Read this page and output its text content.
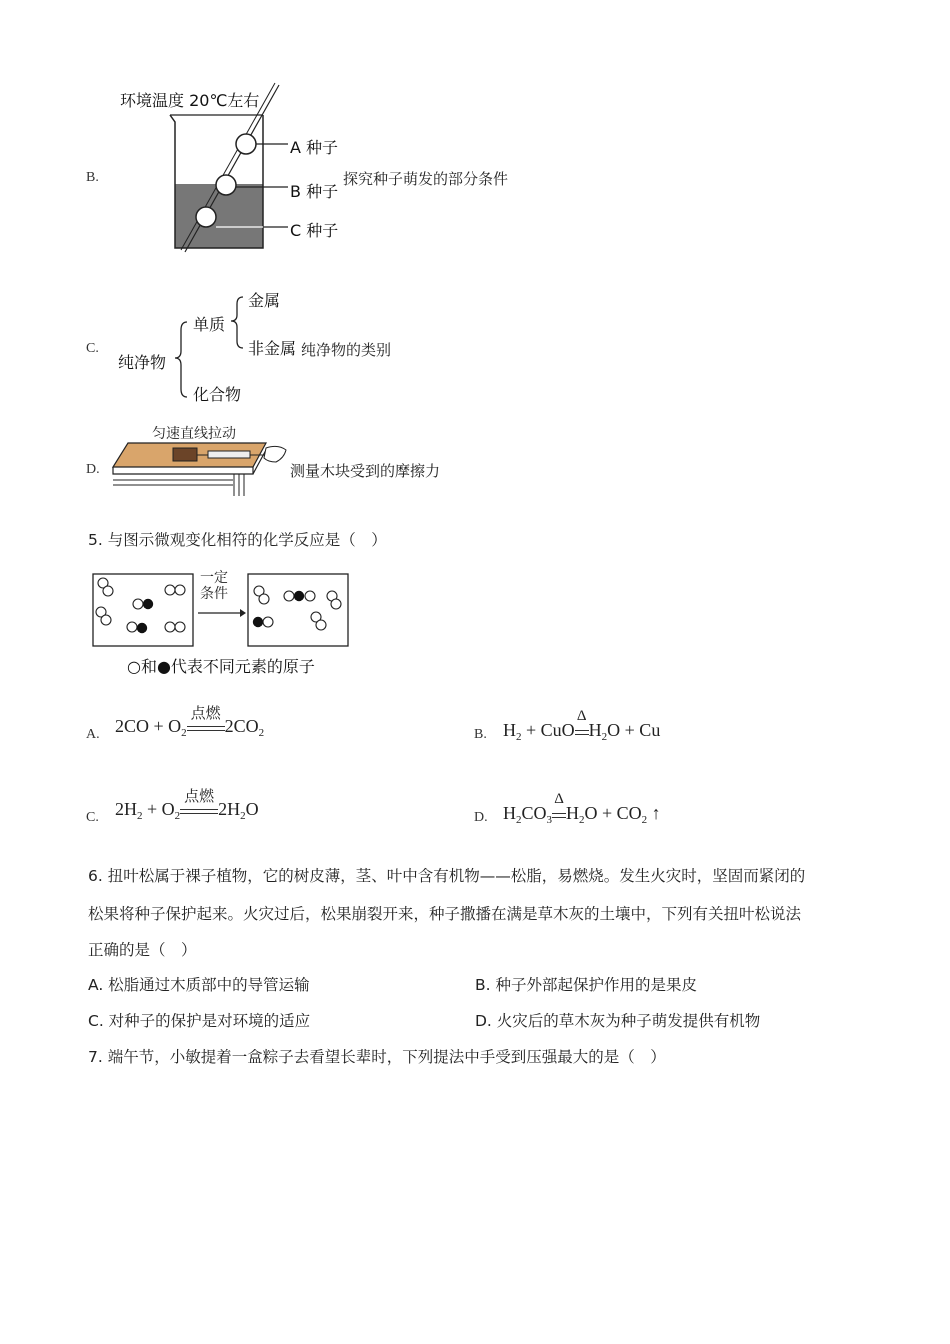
B.
环境温度 20℃左右
A 种子
B 种子
C 种子
探究种子萌发的部分条件
C.
纯净物
单质
化合物
金属
非金属 纯净物的类别
D.
匀速直线拉动
测量木块受到的摩擦力
5. 与图示微观变化相符的化学反应是（　）
一定
条件
○和●代表不同元素的原子
A. $2CO + O_2$
点燃
$2CO_2$	B. $H_2$ + CuO
Δ
$H_2O + Cu$
C. $2H_2 + O_2$
点燃
$2H_2O$	D. $H_2CO_3$
Δ
$H_2O + CO_2$ ↑
6. 扭叶松属于裸子植物，它的树皮薄，茎、叶中含有机物——松脂，易燃烧。发生火灾时，坚固而紧闭的
松果将种子保护起来。火灾过后，松果崩裂开来，种子撒播在满是草木灰的土壤中，下列有关扭叶松说法
正确的是（　）
A. 松脂通过木质部中的导管运输	B. 种子外部起保护作用的是果皮
C. 对种子的保护是对环境的适应	D. 火灾后的草木灰为种子萌发提供有机物
7. 端午节，小敏提着一盒粽子去看望长辈时，下列提法中手受到压强最大的是（　）
